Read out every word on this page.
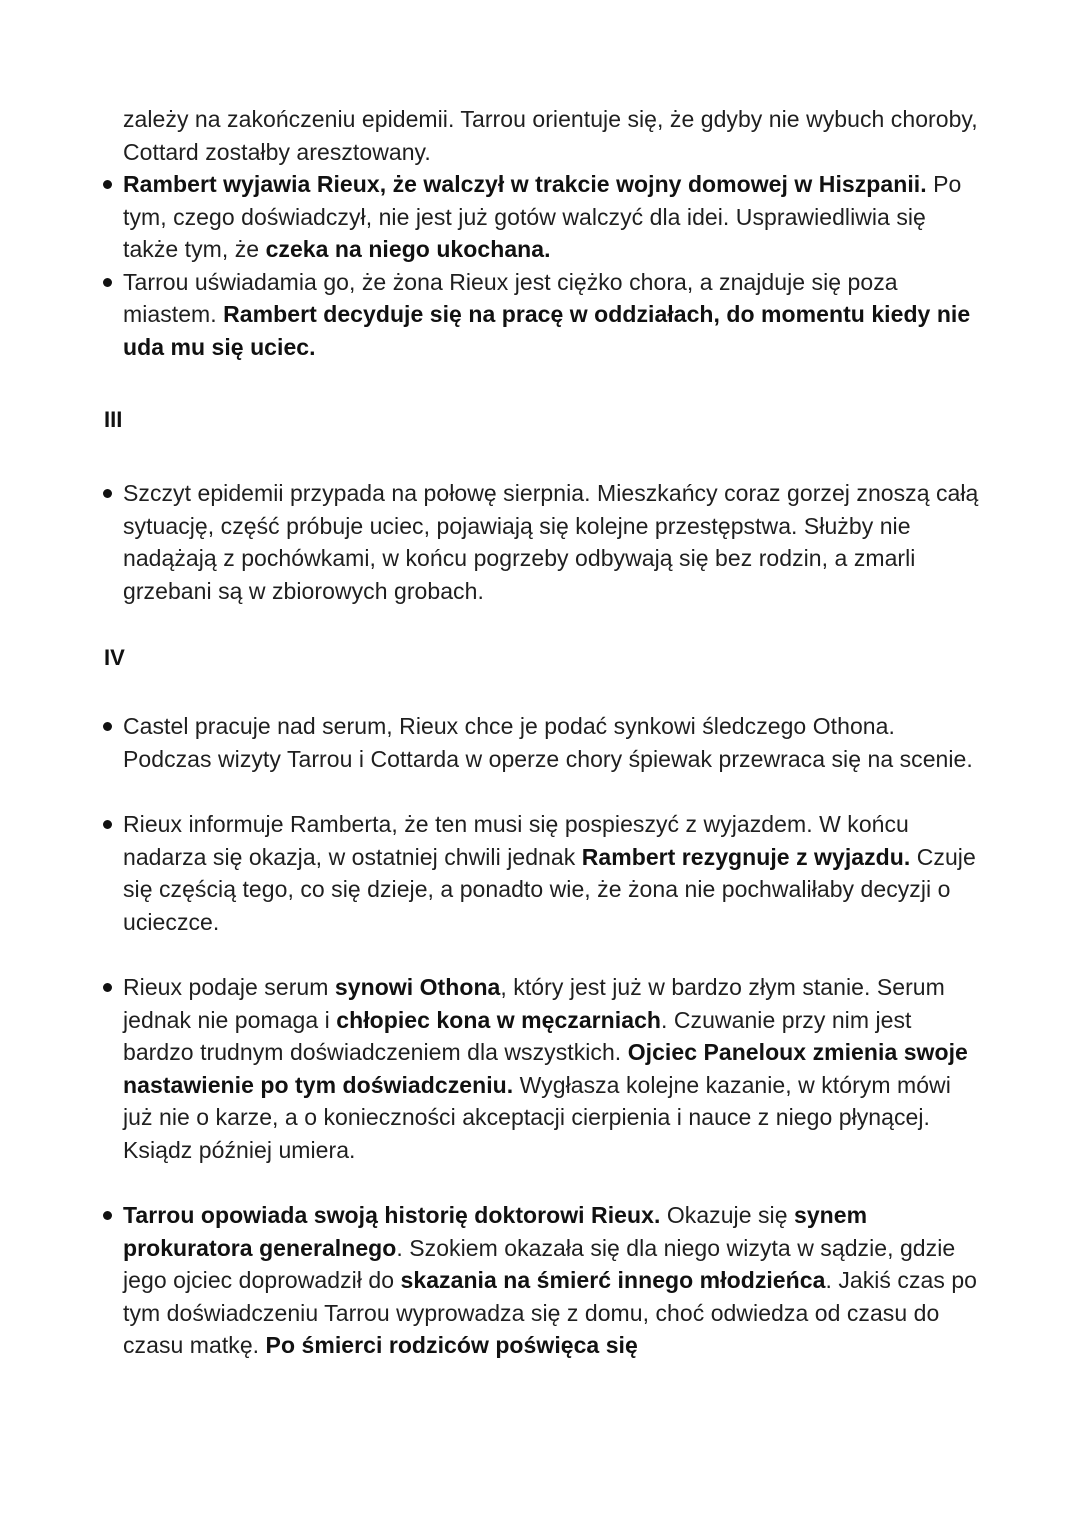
zależy na zakończeniu epidemii. Tarrou orientuje się, że gdyby nie wybuch choroby, Cottard zostałby aresztowany.

Rambert wyjawia Rieux, że walczył w trakcie wojny domowej w Hiszpanii. Po tym, czego doświadczył, nie jest już gotów walczyć dla idei. Usprawiedliwia się także tym, że czeka na niego ukochana.

Tarrou uświadamia go, że żona Rieux jest ciężko chora, a znajduje się poza miastem. Rambert decyduje się na pracę w oddziałach, do momentu kiedy nie uda mu się uciec.

III

Szczyt epidemii przypada na połowę sierpnia. Mieszkańcy coraz gorzej znoszą całą sytuację, część próbuje uciec, pojawiają się kolejne przestępstwa. Służby nie nadążają z pochówkami, w końcu pogrzeby odbywają się bez rodzin, a zmarli grzebani są w zbiorowych grobach.

IV

Castel pracuje nad serum, Rieux chce je podać synkowi śledczego Othona. Podczas wizyty Tarrou i Cottarda w operze chory śpiewak przewraca się na scenie.

Rieux informuje Ramberta, że ten musi się pospieszyć z wyjazdem. W końcu nadarza się okazja, w ostatniej chwili jednak Rambert rezygnuje z wyjazdu. Czuje się częścią tego, co się dzieje, a ponadto wie, że żona nie pochwaliłaby decyzji o ucieczce.

Rieux podaje serum synowi Othona, który jest już w bardzo złym stanie. Serum jednak nie pomaga i chłopiec kona w męczarniach. Czuwanie przy nim jest bardzo trudnym doświadczeniem dla wszystkich. Ojciec Paneloux zmienia swoje nastawienie po tym doświadczeniu. Wygłasza kolejne kazanie, w którym mówi już nie o karze, a o konieczności akceptacji cierpienia i nauce z niego płynącej. Ksiądz później umiera.

Tarrou opowiada swoją historię doktorowi Rieux. Okazuje się synem prokuratora generalnego. Szokiem okazała się dla niego wizyta w sądzie, gdzie jego ojciec doprowadził do skazania na śmierć innego młodzieńca. Jakiś czas po tym doświadczeniu Tarrou wyprowadza się z domu, choć odwiedza od czasu do czasu matkę. Po śmierci rodziców poświęca się
